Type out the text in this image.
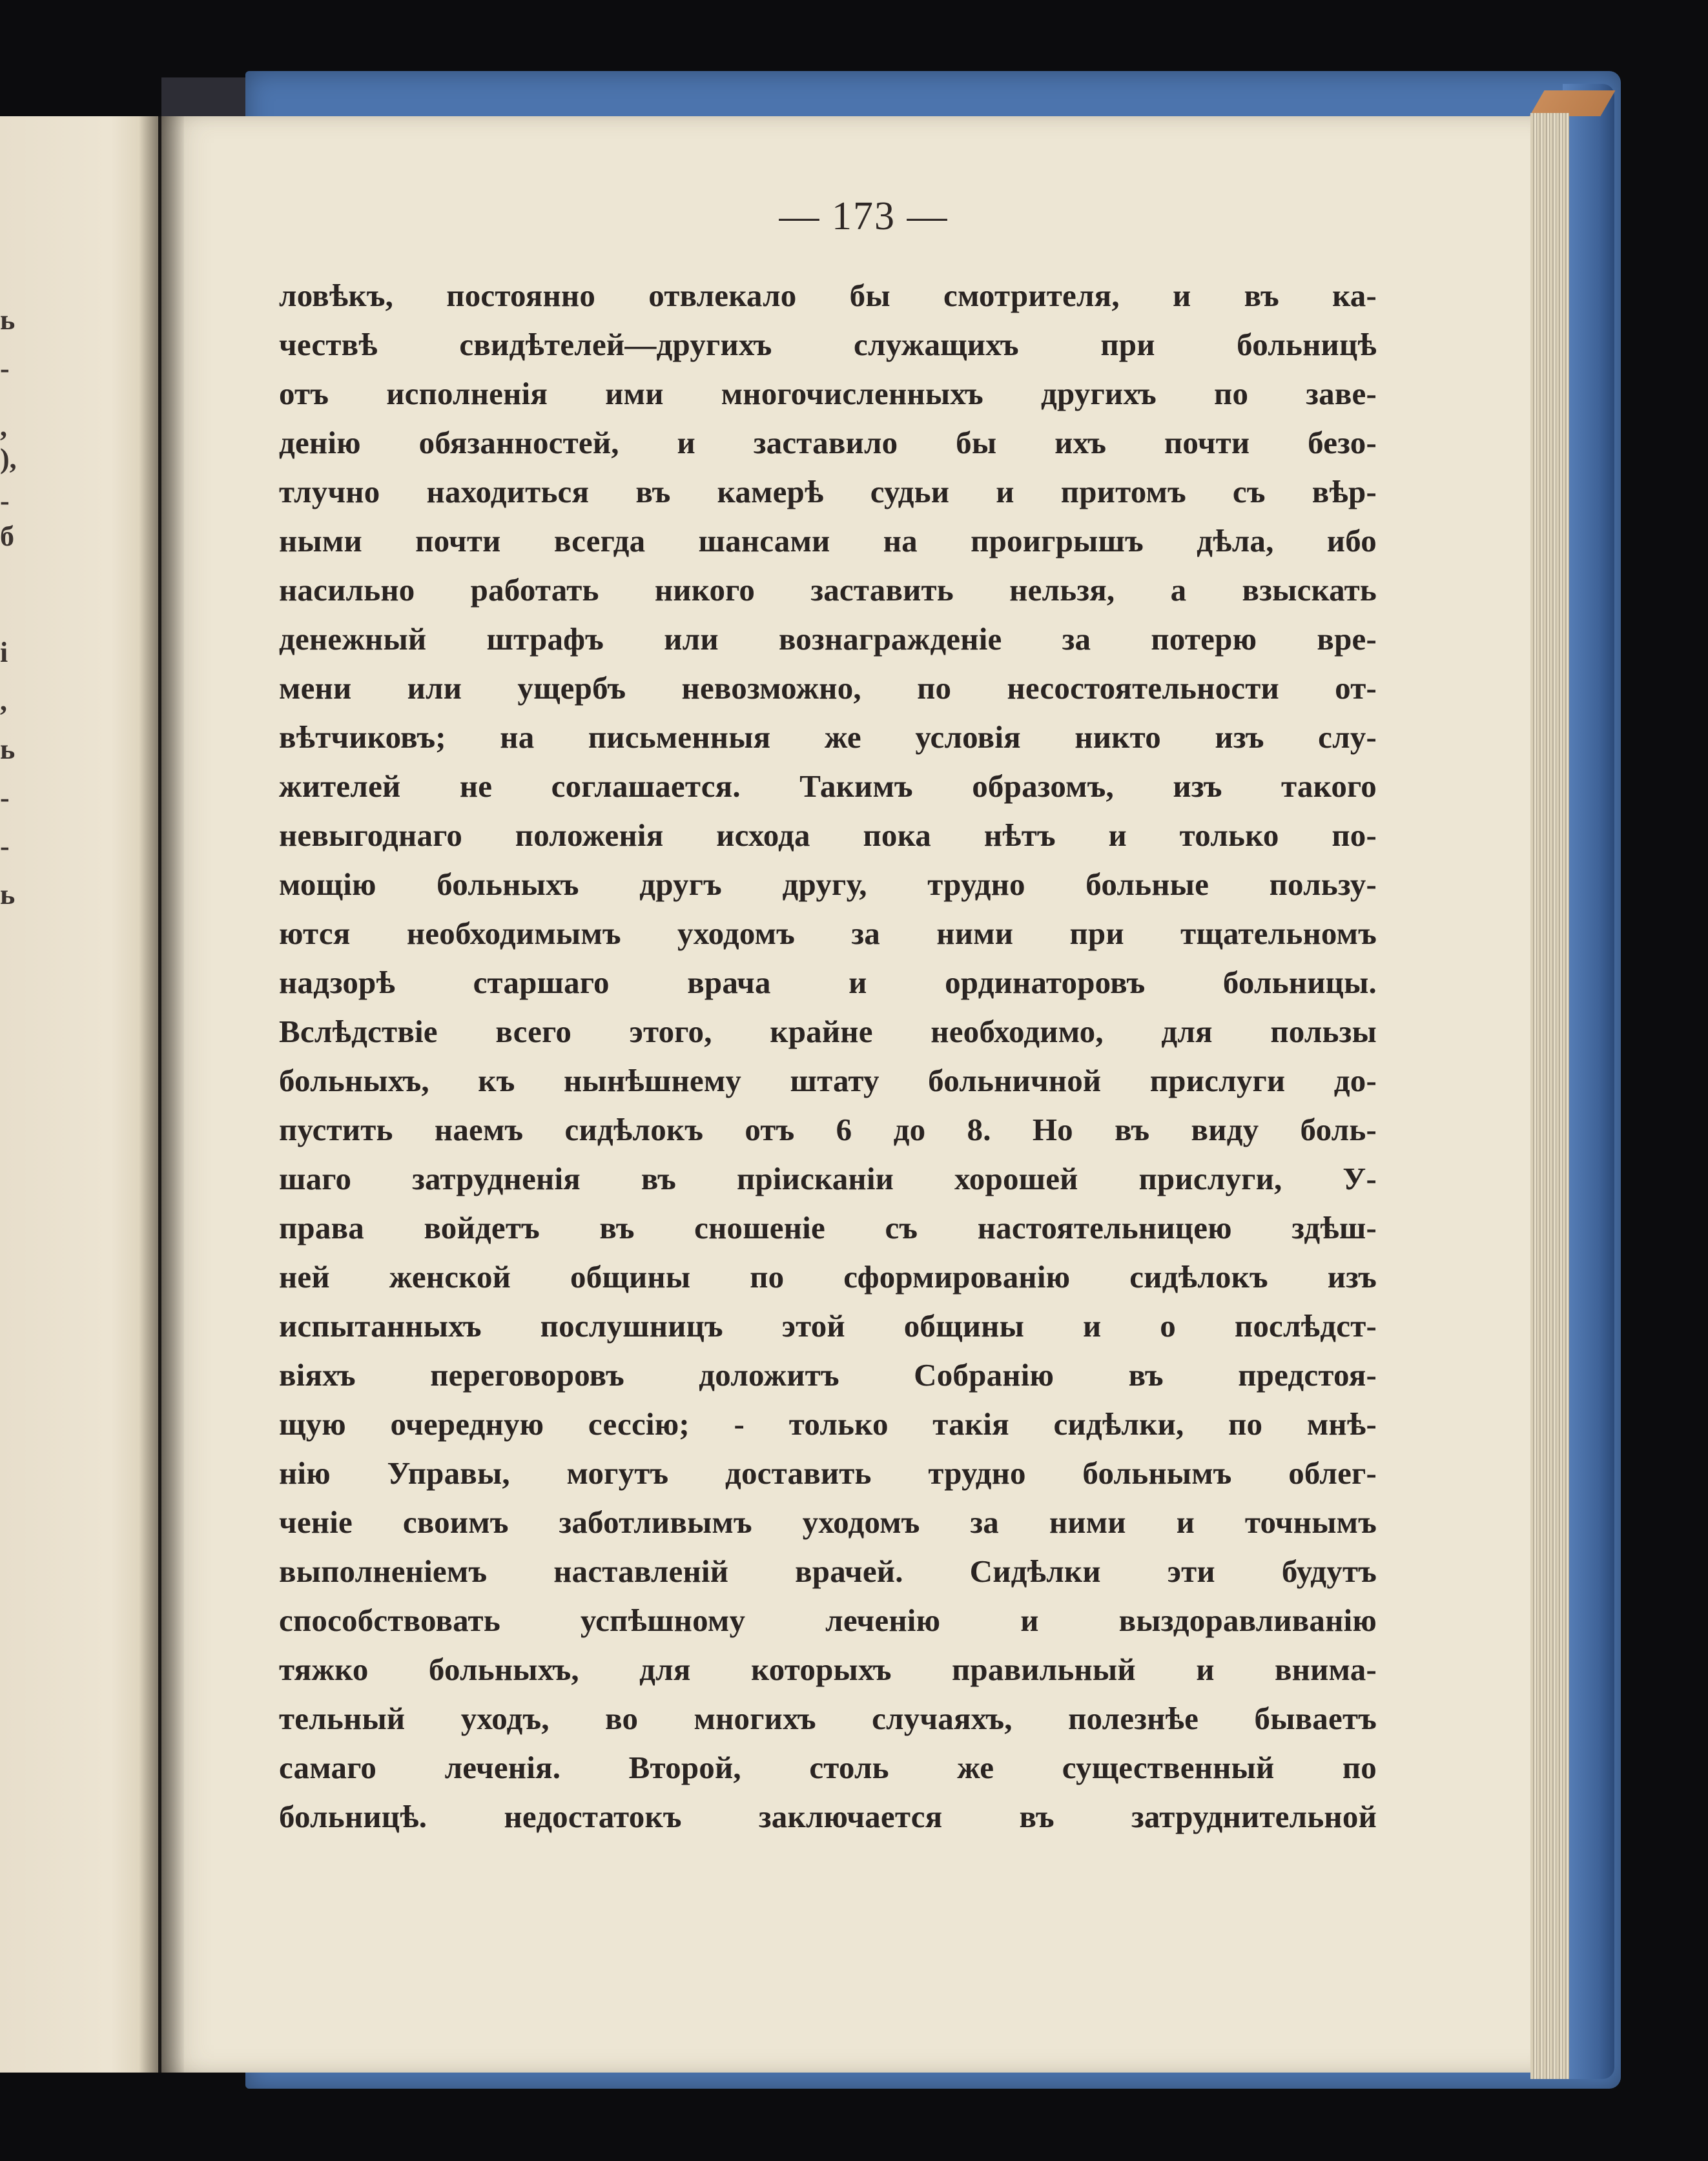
ь
-
,
),
-
б
і
,
ь
-
-
ь
— 173 —
ловѣкъ, постоянно отвлекало бы смотрителя, и въ ка-
чествѣ свидѣтелей—другихъ служащихъ при больницѣ
отъ исполненія ими многочисленныхъ другихъ по заве-
денію обязанностей, и заставило бы ихъ почти безо-
тлучно находиться въ камерѣ судьи и притомъ съ вѣр-
ными почти всегда шансами на проигрышъ дѣла, ибо
насильно работать никого заставить нельзя, а взыскать
денежный штрафъ или вознагражденіе за потерю вре-
мени или ущербъ невозможно, по несостоятельности от-
вѣтчиковъ; на письменныя же условія никто изъ слу-
жителей не соглашается. Такимъ образомъ, изъ такого
невыгоднаго положенія исхода пока нѣтъ и только по-
мощію больныхъ другъ другу, трудно больные пользу-
ются необходимымъ уходомъ за ними при тщательномъ
надзорѣ старшаго врача и ординаторовъ больницы.
Вслѣдствіе всего этого, крайне необходимо, для пользы
больныхъ, къ нынѣшнему штату больничной прислуги до-
пустить наемъ сидѣлокъ отъ 6 до 8. Но въ виду боль-
шаго затрудненія въ пріисканіи хорошей прислуги, У-
права войдетъ въ сношеніе съ настоятельницею здѣш-
ней женской общины по сформированію сидѣлокъ изъ
испытанныхъ послушницъ этой общины и о послѣдст-
віяхъ переговоровъ доложитъ Собранію въ предстоя-
щую очередную сессію; - только такія сидѣлки, по мнѣ-
нію Управы, могутъ доставить трудно больнымъ облег-
ченіе своимъ заботливымъ уходомъ за ними и точнымъ
выполненіемъ наставленій врачей. Сидѣлки эти будутъ
способствовать успѣшному леченію и выздоравливанію
тяжко больныхъ, для которыхъ правильный и внима-
тельный уходъ, во многихъ случаяхъ, полезнѣе бываетъ
самаго леченія. Второй, столь же существенный по
больницѣ. недостатокъ заключается въ затруднительной
